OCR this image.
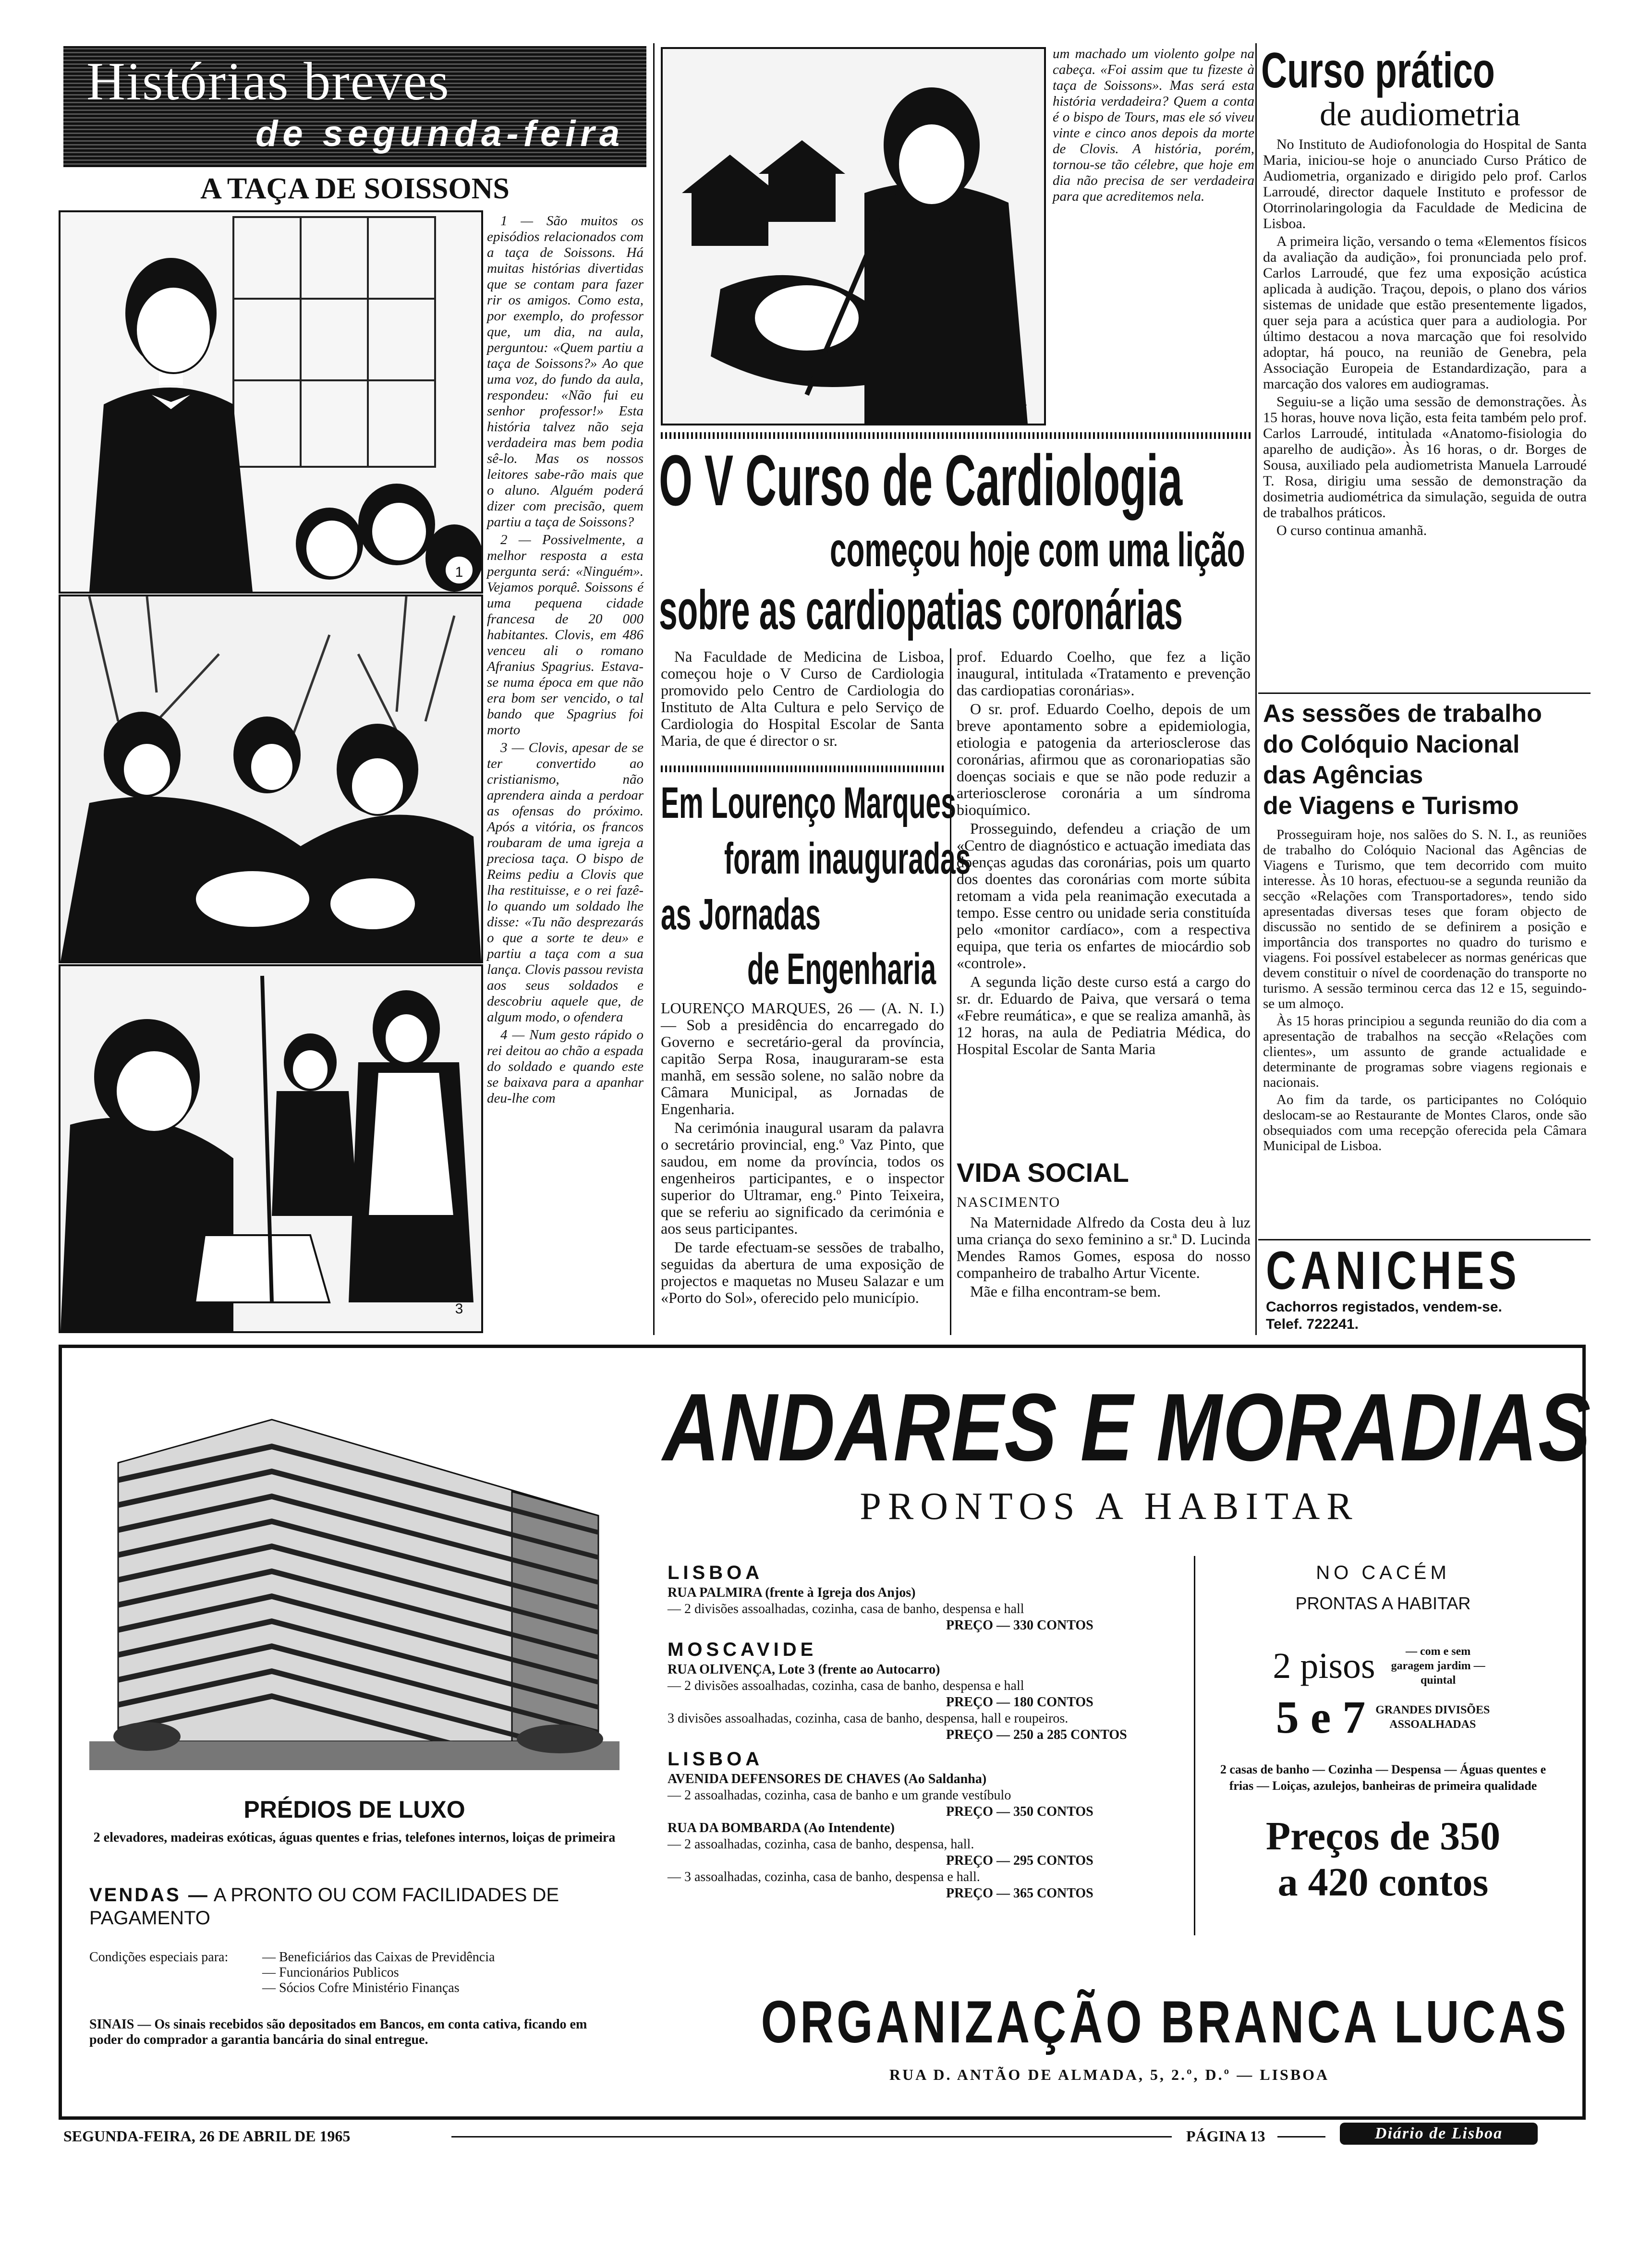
Histórias breves
de segunda-feira
A TAÇA DE SOISSONS
1
2
3
4

1 — São muitos os episódios relacionados com a taça de Soissons. Há muitas histórias divertidas que se contam para fazer rir os amigos. Como esta, por exemplo, do professor que, um dia, na aula, perguntou: «Quem partiu a taça de Soissons?» Ao que uma voz, do fundo da aula, respondeu: «Não fui eu senhor professor!» Esta história talvez não seja verdadeira mas bem podia sê-lo. Mas os nossos leitores sabe-rão mais que o aluno. Alguém poderá dizer com precisão, quem partiu a taça de Soissons?

2 — Possivelmente, a melhor resposta a esta pergunta será: «Ninguém». Vejamos porquê. Soissons é uma pequena cidade francesa de 20 000 habitantes. Clovis, em 486 venceu ali o romano Afranius Spagrius. Estava-se numa época em que não era bom ser vencido, o tal bando que Spagrius foi morto

3 — Clovis, apesar de se ter convertido ao cristianismo, não aprendera ainda a perdoar as ofensas do próximo. Após a vitória, os francos roubaram de uma igreja a preciosa taça. O bispo de Reims pediu a Clovis que lha restituisse, e o rei fazê-lo quando um soldado lhe disse: «Tu não desprezarás o que a sorte te deu» e partiu a taça com a sua lança. Clovis passou revista aos seus soldados e descobriu aquele que, de algum modo, o ofendera

4 — Num gesto rápido o rei deitou ao chão a espada do soldado e quando este se baixava para a apanhar deu-lhe com

um machado um violento golpe na cabeça. «Foi assim que tu fizeste à taça de Soissons». Mas será esta história verdadeira? Quem a conta é o bispo de Tours, mas ele só viveu vinte e cinco anos depois da morte de Clovis. A história, porém, tornou-se tão célebre, que hoje em dia não precisa de ser verdadeira para que acreditemos nela.

O V Curso de Cardiologia
começou hoje com uma lição
sobre as cardiopatias coronárias

Na Faculdade de Medicina de Lisboa, começou hoje o V Curso de Cardiologia promovido pelo Centro de Cardiologia do Instituto de Alta Cultura e pelo Serviço de Cardiologia do Hospital Escolar de Santa Maria, de que é director o sr.

prof. Eduardo Coelho, que fez a lição inaugural, intitulada «Tratamento e prevenção das cardiopatias coronárias».

O sr. prof. Eduardo Coelho, depois de um breve apontamento sobre a epidemiologia, etiologia e patogenia da arteriosclerose das coronárias, afirmou que as coronariopatias são doenças sociais e que se não pode reduzir a arteriosclerose coronária a um síndroma bioquímico.

Prosseguindo, defendeu a criação de um «Centro de diagnóstico e actuação imediata das doenças agudas das coronárias, pois um quarto dos doentes das coronárias com morte súbita retomam a vida pela reanimação executada a tempo. Esse centro ou unidade seria constituída pelo «monitor cardíaco», com a respectiva equipa, que teria os enfartes de miocárdio sob «controle».

A segunda lição deste curso está a cargo do sr. dr. Eduardo de Paiva, que versará o tema «Febre reumática», e que se realiza amanhã, às 12 horas, na aula de Pediatria Médica, do Hospital Escolar de Santa Maria

Em Lourenço Marques
foram inauguradas
as Jornadas
de Engenharia

LOURENÇO MARQUES, 26 — (A. N. I.) — Sob a presidência do encarregado do Governo e secretário-geral da província, capitão Serpa Rosa, inauguraram-se esta manhã, em sessão solene, no salão nobre da Câmara Municipal, as Jornadas de Engenharia.

Na cerimónia inaugural usaram da palavra o secretário provincial, eng.º Vaz Pinto, que saudou, em nome da província, todos os engenheiros participantes, e o inspector superior do Ultramar, eng.º Pinto Teixeira, que se referiu ao significado da cerimónia e aos seus participantes.

De tarde efectuam-se sessões de trabalho, seguidas da abertura de uma exposição de projectos e maquetas no Museu Salazar e um «Porto do Sol», oferecido pelo município.

VIDA SOCIAL
NASCIMENTO

Na Maternidade Alfredo da Costa deu à luz uma criança do sexo feminino a sr.ª D. Lucinda Mendes Ramos Gomes, esposa do nosso companheiro de trabalho Artur Vicente.

Mãe e filha encontram-se bem.

Curso prático
de audiometria

No Instituto de Audiofonologia do Hospital de Santa Maria, iniciou-se hoje o anunciado Curso Prático de Audiometria, organizado e dirigido pelo prof. Carlos Larroudé, director daquele Instituto e professor de Otorrinolaringologia da Faculdade de Medicina de Lisboa.

A primeira lição, versando o tema «Elementos físicos da avaliação da audição», foi pronunciada pelo prof. Carlos Larroudé, que fez uma exposição acústica aplicada à audição. Traçou, depois, o plano dos vários sistemas de unidade que estão presentemente ligados, quer seja para a acústica quer para a audiologia. Por último destacou a nova marcação que foi resolvido adoptar, há pouco, na reunião de Genebra, pela Associação Europeia de Estandardização, para a marcação dos valores em audiogramas.

Seguiu-se a lição uma sessão de demonstrações. Às 15 horas, houve nova lição, esta feita também pelo prof. Carlos Larroudé, intitulada «Anatomo-fisiologia do aparelho de audição». Às 16 horas, o dr. Borges de Sousa, auxiliado pela audiometrista Manuela Larroudé T. Rosa, dirigiu uma sessão de demonstração da dosimetria audiométrica da simulação, seguida de outra de trabalhos práticos.

O curso continua amanhã.

As sessões de trabalho
do Colóquio Nacional
das Agências
de Viagens e Turismo

Prosseguiram hoje, nos salões do S. N. I., as reuniões de trabalho do Colóquio Nacional das Agências de Viagens e Turismo, que tem decorrido com muito interesse. Às 10 horas, efectuou-se a segunda reunião da secção «Relações com Transportadores», tendo sido apresentadas diversas teses que foram objecto de discussão no sentido de se definirem a posição e importância dos transportes no quadro do turismo e viagens. Foi possível estabelecer as normas genéricas que devem constituir o nível de coordenação do transporte no turismo. A sessão terminou cerca das 12 e 15, seguindo-se um almoço.

Às 15 horas principiou a segunda reunião do dia com a apresentação de trabalhos na secção «Relações com clientes», um assunto de grande actualidade e determinante de programas sobre viagens regionais e nacionais.

Ao fim da tarde, os participantes no Colóquio deslocam-se ao Restaurante de Montes Claros, onde são obsequiados com uma recepção oferecida pela Câmara Municipal de Lisboa.

CANICHES
Cachorros registados, vendem-se. Telef. 722241.
PRÉDIOS DE LUXO
2 elevadores, madeiras exóticas, águas quentes e frias, telefones internos, loiças de primeira
VENDAS — A PRONTO OU COM FACILIDADES DE PAGAMENTO
Condições especiais para:	— Beneficiários das Caixas de Previdência
— Funcionários Publicos
— Sócios Cofre Ministério Finanças
SINAIS — Os sinais recebidos são depositados em Bancos, em conta cativa, ficando em poder do comprador a garantia bancária do sinal entregue.
ANDARES E MORADIAS
PRONTOS A HABITAR
LISBOA
RUA PALMIRA (frente à Igreja dos Anjos)
— 2 divisões assoalhadas, cozinha, casa de banho, despensa e hall
PREÇO — 330 CONTOS
MOSCAVIDE
RUA OLIVENÇA, Lote 3 (frente ao Autocarro)
— 2 divisões assoalhadas, cozinha, casa de banho, despensa e hall
PREÇO — 180 CONTOS
3 divisões assoalhadas, cozinha, casa de banho, despensa, hall e roupeiros.
PREÇO — 250 a 285 CONTOS
LISBOA
AVENIDA DEFENSORES DE CHAVES (Ao Saldanha)
— 2 assoalhadas, cozinha, casa de banho e um grande vestíbulo
PREÇO — 350 CONTOS
RUA DA BOMBARDA (Ao Intendente)
— 2 assoalhadas, cozinha, casa de banho, despensa, hall.
PREÇO — 295 CONTOS
— 3 assoalhadas, cozinha, casa de banho, despensa e hall.
PREÇO — 365 CONTOS
NO CACÉM
PRONTAS A HABITAR
2 pisos	— com e sem garagem jardim — quintal
5 e 7 GRANDES DIVISÕES ASSOALHADAS
2 casas de banho — Cozinha — Despensa — Águas quentes e frias — Loiças, azulejos, banheiras de primeira qualidade
Preços de 350
a 420 contos
ORGANIZAÇÃO BRANCA LUCAS
RUA D. ANTÃO DE ALMADA, 5, 2.º, D.º — LISBOA
SEGUNDA-FEIRA, 26 DE ABRIL DE 1965	PÁGINA 13	Diário de Lisboa
